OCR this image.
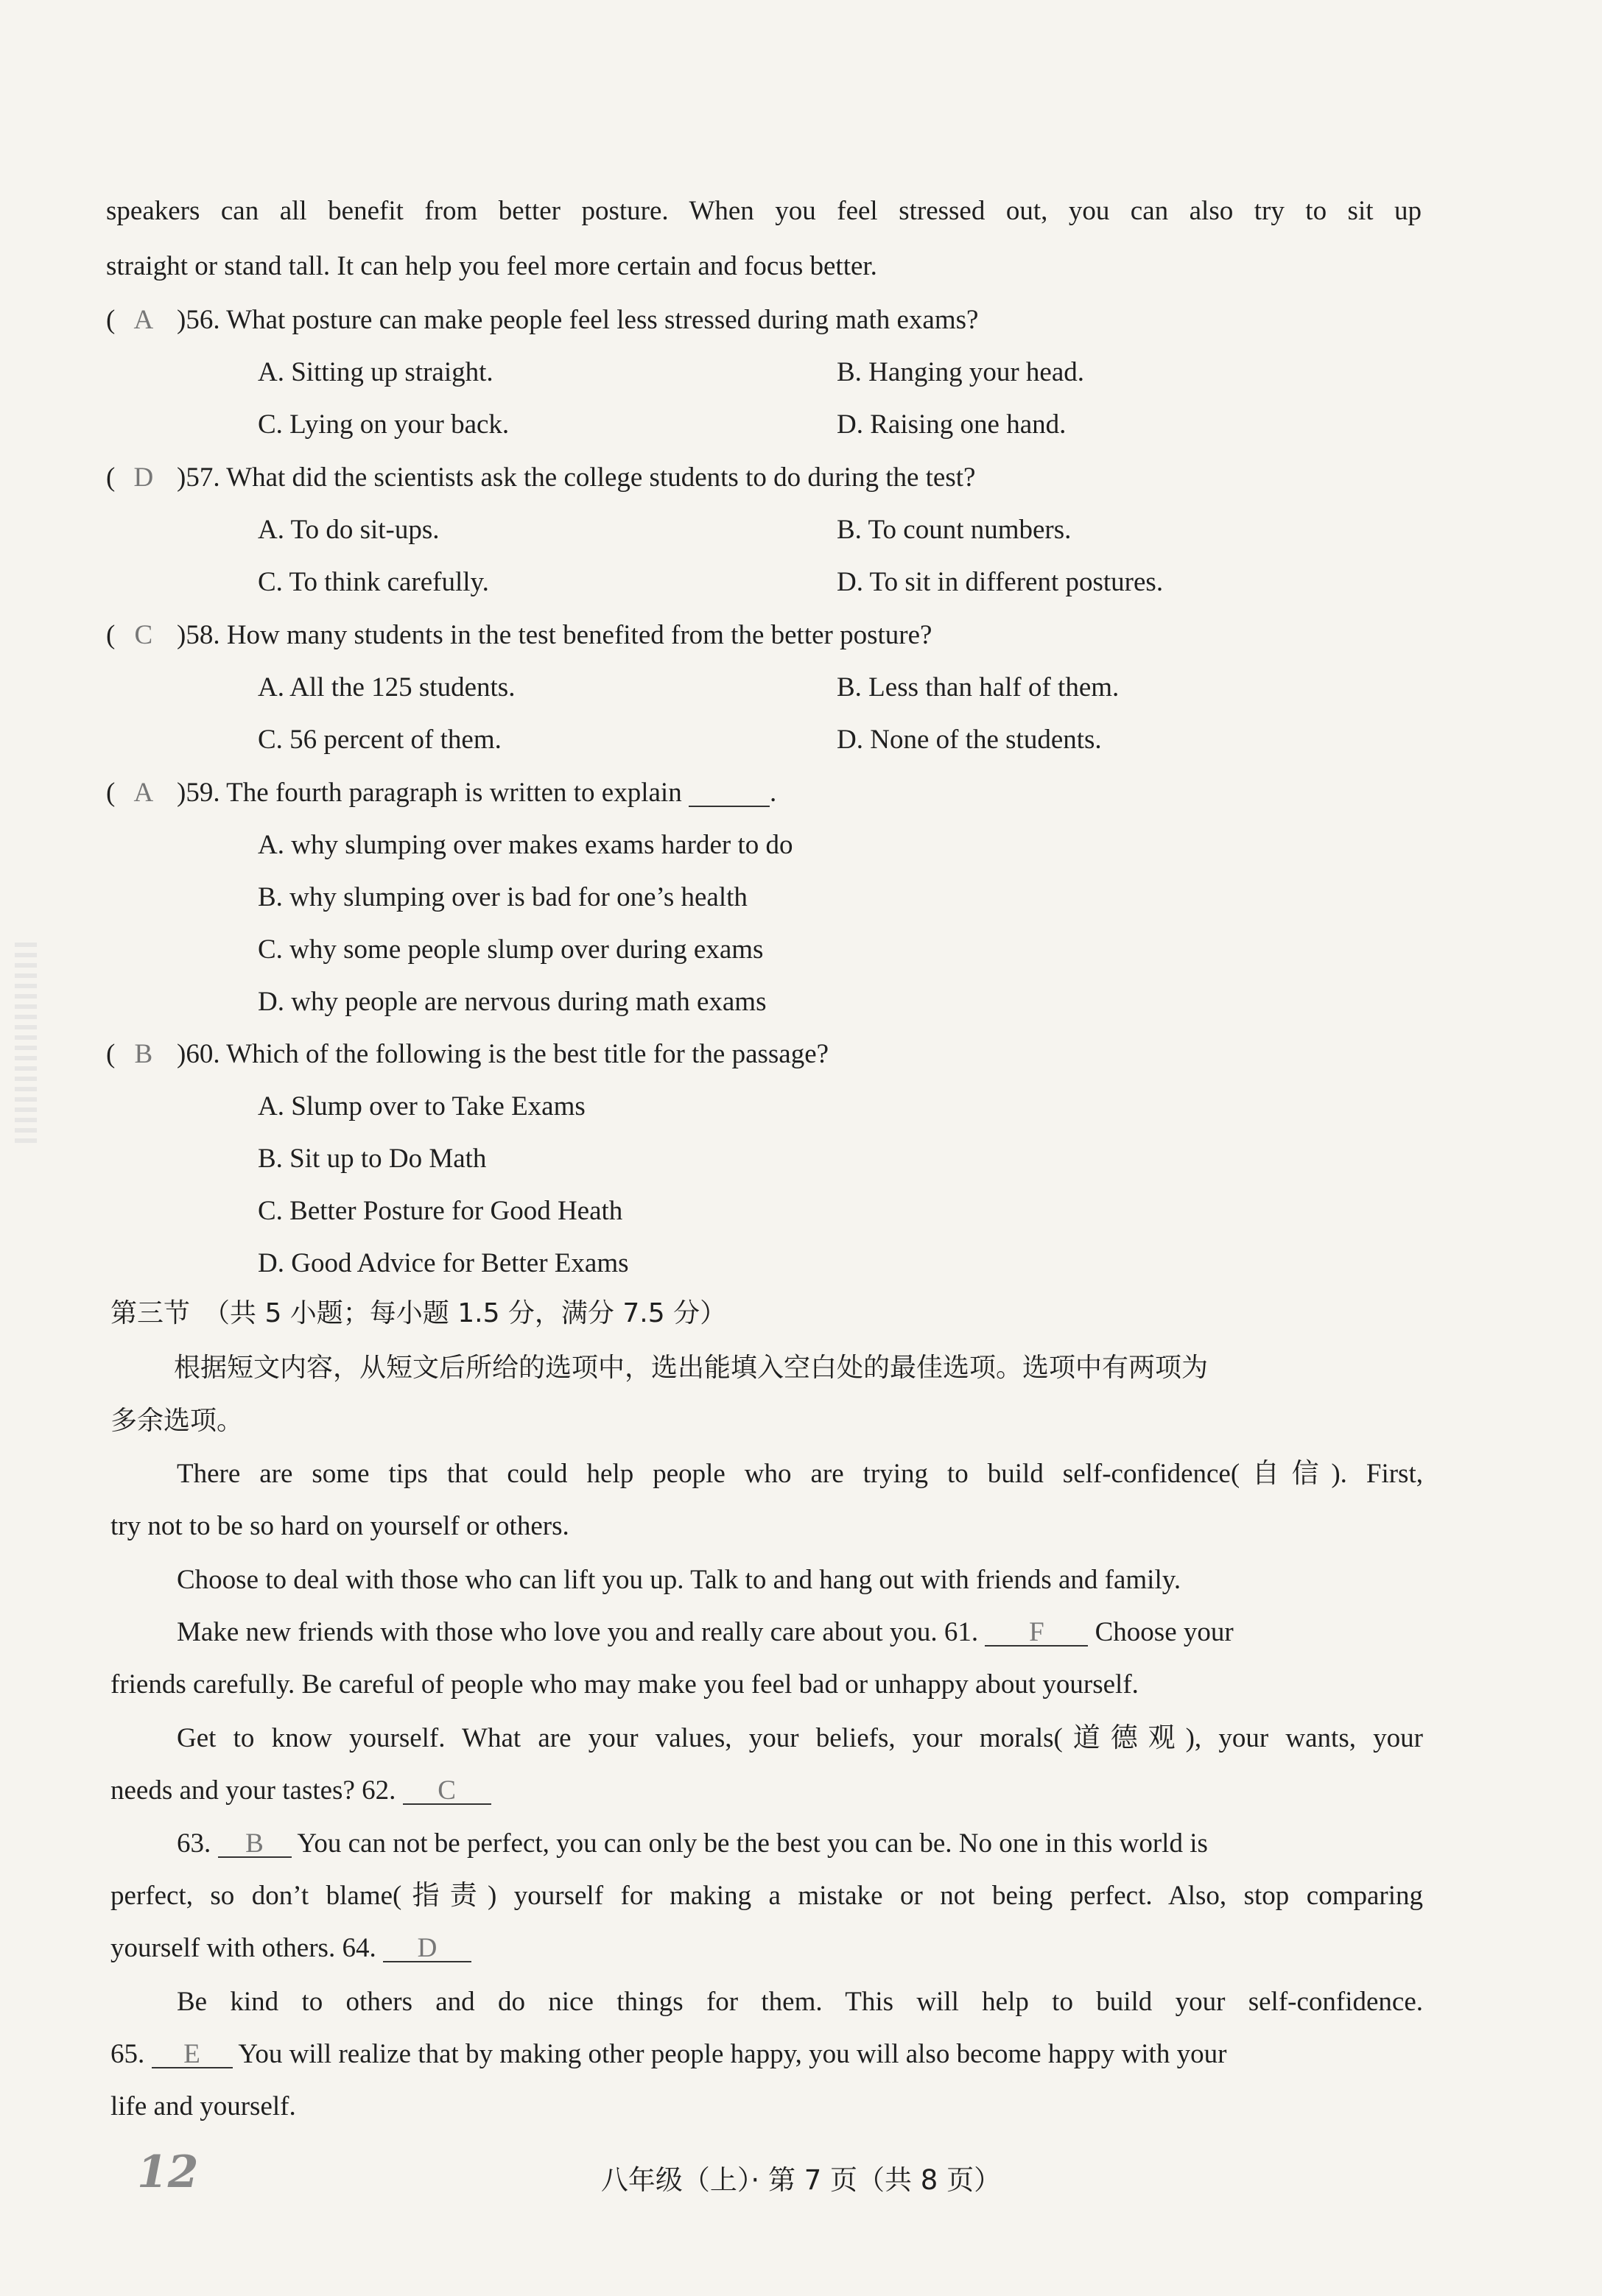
speakers can all benefit from better posture. When you feel stressed out, you can also try to sit up
straight or stand tall. It can help you feel more certain and focus better.
(  A )56. What posture can make people feel less stressed during math exams?
A. Sitting up straight.	B. Hanging your head.
C. Lying on your back.	D. Raising one hand.
(  D )57. What did the scientists ask the college students to do during the test?
A. To do sit-ups.	B. To count numbers.
C. To think carefully.	D. To sit in different postures.
(  C )58. How many students in the test benefited from the better posture?
A. All the 125 students.	B. Less than half of them.
C. 56 percent of them.	D. None of the students.
(  A )59. The fourth paragraph is written to explain	.
A. why slumping over makes exams harder to do
B. why slumping over is bad for one’s health
C. why some people slump over during exams
D. why people are nervous during math exams
(  B )60. Which of the following is the best title for the passage?
A. Slump over to Take Exams
B. Sit up to Do Math
C. Better Posture for Good Heath
D. Good Advice for Better Exams
第三节　（共 5 小题；每小题 1.5 分，满分 7.5 分）
根据短文内容，从短文后所给的选项中，选出能填入空白处的最佳选项。选项中有两项为
多余选项。
There are some tips that could help people who are trying to build self-confidence(自信). First,
try not to be so hard on yourself or others.
Choose to deal with those who can lift you up. Talk to and hang out with friends and family.
Make new friends with those who love you and really care about you. 61. F Choose your
friends carefully. Be careful of people who may make you feel bad or unhappy about yourself.
Get to know yourself. What are your values, your beliefs, your morals(道德观), your wants, your
needs and your tastes? 62. C
63. B You can not be perfect, you can only be the best you can be. No one in this world is
perfect, so don’t blame(指责) yourself for making a mistake or not being perfect. Also, stop comparing
yourself with others. 64. D
Be kind to others and do nice things for them. This will help to build your self-confidence.
65. E You will realize that by making other people happy, you will also become happy with your
life and yourself.
12	八年级（上）· 第 7 页（共 8 页）
